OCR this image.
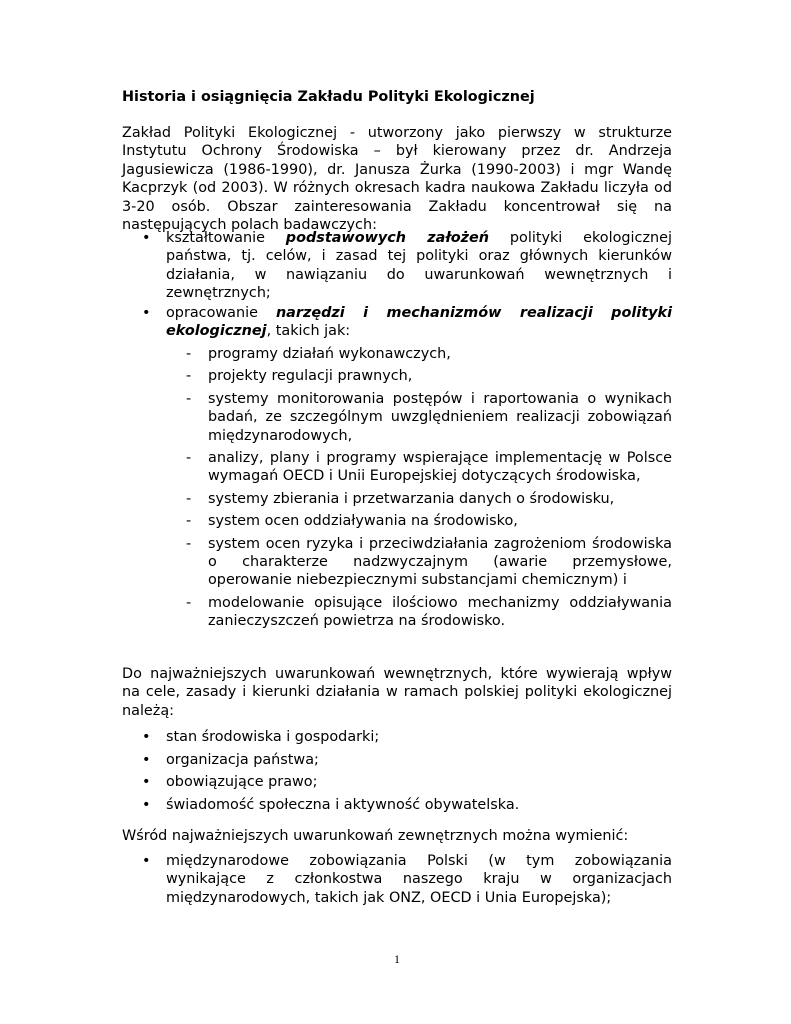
Historia i osiągnięcia Zakładu Polityki Ekologicznej

Zakład Polityki Ekologicznej - utworzony jako pierwszy w strukturze Instytutu Ochrony Środowiska – był kierowany przez dr. Andrzeja Jagusiewicza (1986-1990), dr. Janusza Żurka (1990-2003) i mgr Wandę Kacprzyk (od 2003). W różnych okresach kadra naukowa Zakładu liczyła od 3-20 osób. Obszar zainteresowania Zakładu koncentrował się na następujących polach badawczych:

• kształtowanie podstawowych założeń polityki ekologicznej państwa, tj. celów, i zasad tej polityki oraz głównych kierunków działania, w nawiązaniu do uwarunkowań wewnętrznych i zewnętrznych;
• opracowanie narzędzi i mechanizmów realizacji polityki ekologicznej, takich jak:
- programy działań wykonawczych,
- projekty regulacji prawnych,
- systemy monitorowania postępów i raportowania o wynikach badań, ze szczególnym uwzględnieniem realizacji zobowiązań międzynarodowych,
- analizy, plany i programy wspierające implementację w Polsce wymagań OECD i Unii Europejskiej dotyczących środowiska,
- systemy zbierania i przetwarzania danych o środowisku,
- system ocen oddziaływania na środowisko,
- system ocen ryzyka i przeciwdziałania zagrożeniom środowiska o charakterze nadzwyczajnym (awarie przemysłowe, operowanie niebezpiecznymi substancjami chemicznym) i
- modelowanie opisujące ilościowo mechanizmy oddziaływania zanieczyszczeń powietrza na środowisko.

Do najważniejszych uwarunkowań wewnętrznych, które wywierają wpływ na cele, zasady i kierunki działania w ramach polskiej polityki ekologicznej należą:

• stan środowiska i gospodarki;
• organizacja państwa;
• obowiązujące prawo;
• świadomość społeczna i aktywność obywatelska.

Wśród najważniejszych uwarunkowań zewnętrznych można wymienić:

• międzynarodowe zobowiązania Polski (w tym zobowiązania wynikające z członkostwa naszego kraju w organizacjach międzynarodowych, takich jak ONZ, OECD i Unia Europejska);
1
